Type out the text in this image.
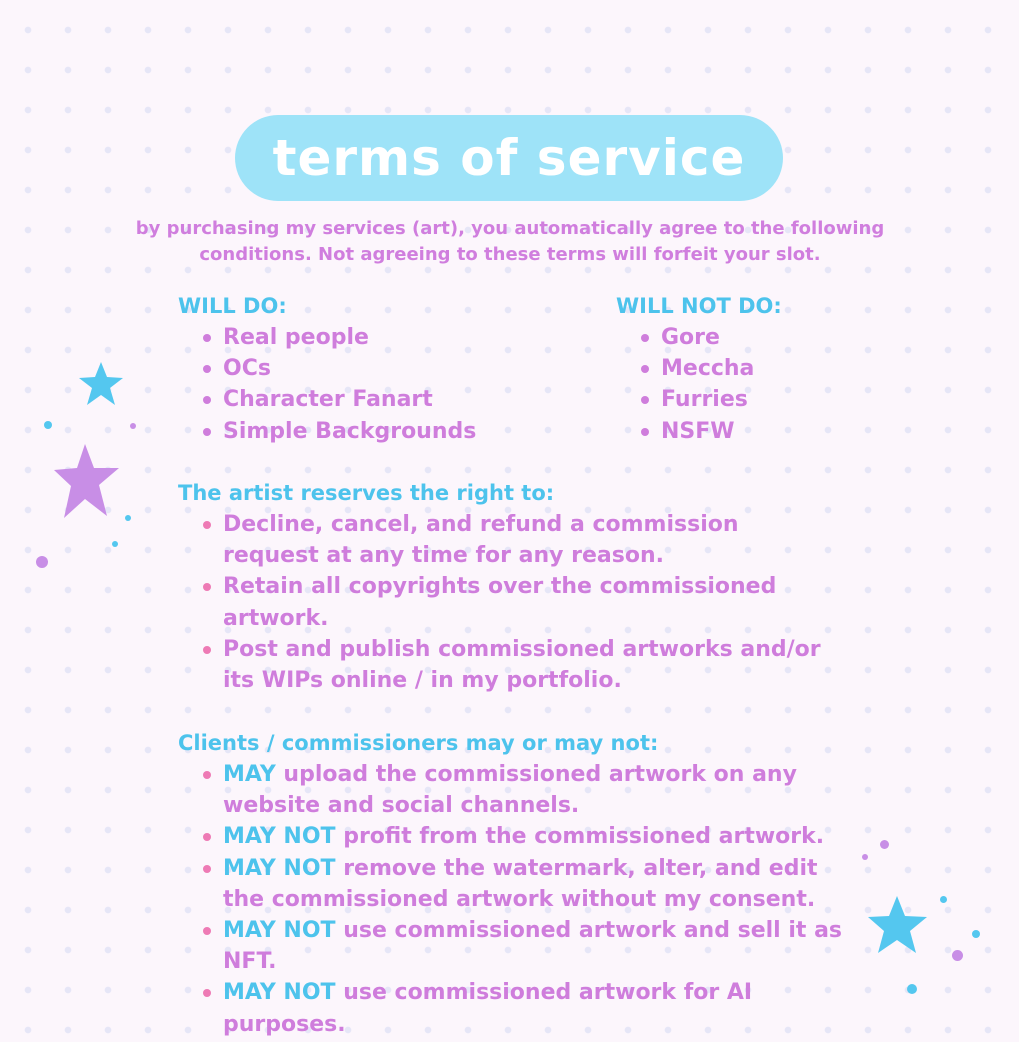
terms of service
by purchasing my services (art), you automatically agree to the following conditions. Not agreeing to these terms will forfeit your slot.

WILL DO:

Real people
OCs
Character Fanart
Simple Backgrounds

WILL NOT DO:

Gore
Meccha
Furries
NSFW

The artist reserves the right to:

Decline, cancel, and refund a commission request at any time for any reason.
Retain all copyrights over the commissioned artwork.
Post and publish commissioned artworks and/or its WIPs online / in my portfolio.

Clients / commissioners may or may not:

MAY upload the commissioned artwork on any website and social channels.
MAY NOT profit from the commissioned artwork.
MAY NOT remove the watermark, alter, and edit the commissioned artwork without my consent.
MAY NOT use commissioned artwork and sell it as NFT.
MAY NOT use commissioned artwork for AI purposes.
